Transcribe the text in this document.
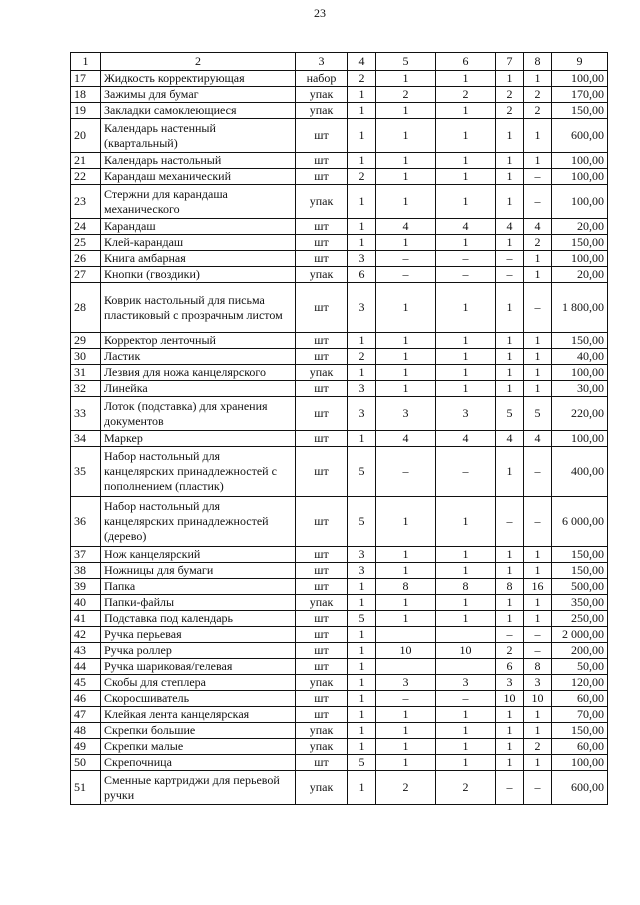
23
1	2	3	4	5	6	7	8	9
17	Жидкость корректирующая	набор	2	1	1	1	1	100,00
18	Зажимы для бумаг	упак	1	2	2	2	2	170,00
19	Закладки самоклеющиеся	упак	1	1	1	2	2	150,00
20	Календарь настенный (квартальный)	шт	1	1	1	1	1	600,00
21	Календарь настольный	шт	1	1	1	1	1	100,00
22	Карандаш механический	шт	2	1	1	1	–	100,00
23	Стержни для карандаша механического	упак	1	1	1	1	–	100,00
24	Карандаш	шт	1	4	4	4	4	20,00
25	Клей-карандаш	шт	1	1	1	1	2	150,00
26	Книга амбарная	шт	3	–	–	–	1	100,00
27	Кнопки (гвоздики)	упак	6	–	–	–	1	20,00
28	Коврик настольный для письма пластиковый с прозрачным листом	шт	3	1	1	1	–	1 800,00
29	Корректор ленточный	шт	1	1	1	1	1	150,00
30	Ластик	шт	2	1	1	1	1	40,00
31	Лезвия для ножа канцелярского	упак	1	1	1	1	1	100,00
32	Линейка	шт	3	1	1	1	1	30,00
33	Лоток (подставка) для хранения документов	шт	3	3	3	5	5	220,00
34	Маркер	шт	1	4	4	4	4	100,00
35	Набор настольный для канцелярских принадлежностей с пополнением (пластик)	шт	5	–	–	1	–	400,00
36	Набор настольный для канцелярских принадлежностей (дерево)	шт	5	1	1	–	–	6 000,00
37	Нож канцелярский	шт	3	1	1	1	1	150,00
38	Ножницы для бумаги	шт	3	1	1	1	1	150,00
39	Папка	шт	1	8	8	8	16	500,00
40	Папки-файлы	упак	1	1	1	1	1	350,00
41	Подставка под календарь	шт	5	1	1	1	1	250,00
42	Ручка перьевая	шт	1			–	–	2 000,00
43	Ручка роллер	шт	1	10	10	2	–	200,00
44	Ручка шариковая/гелевая	шт	1			6	8	50,00
45	Скобы для степлера	упак	1	3	3	3	3	120,00
46	Скоросшиватель	шт	1	–	–	10	10	60,00
47	Клейкая лента канцелярская	шт	1	1	1	1	1	70,00
48	Скрепки большие	упак	1	1	1	1	1	150,00
49	Скрепки малые	упак	1	1	1	1	2	60,00
50	Скрепочница	шт	5	1	1	1	1	100,00
51	Сменные картриджи для перьевой ручки	упак	1	2	2	–	–	600,00
